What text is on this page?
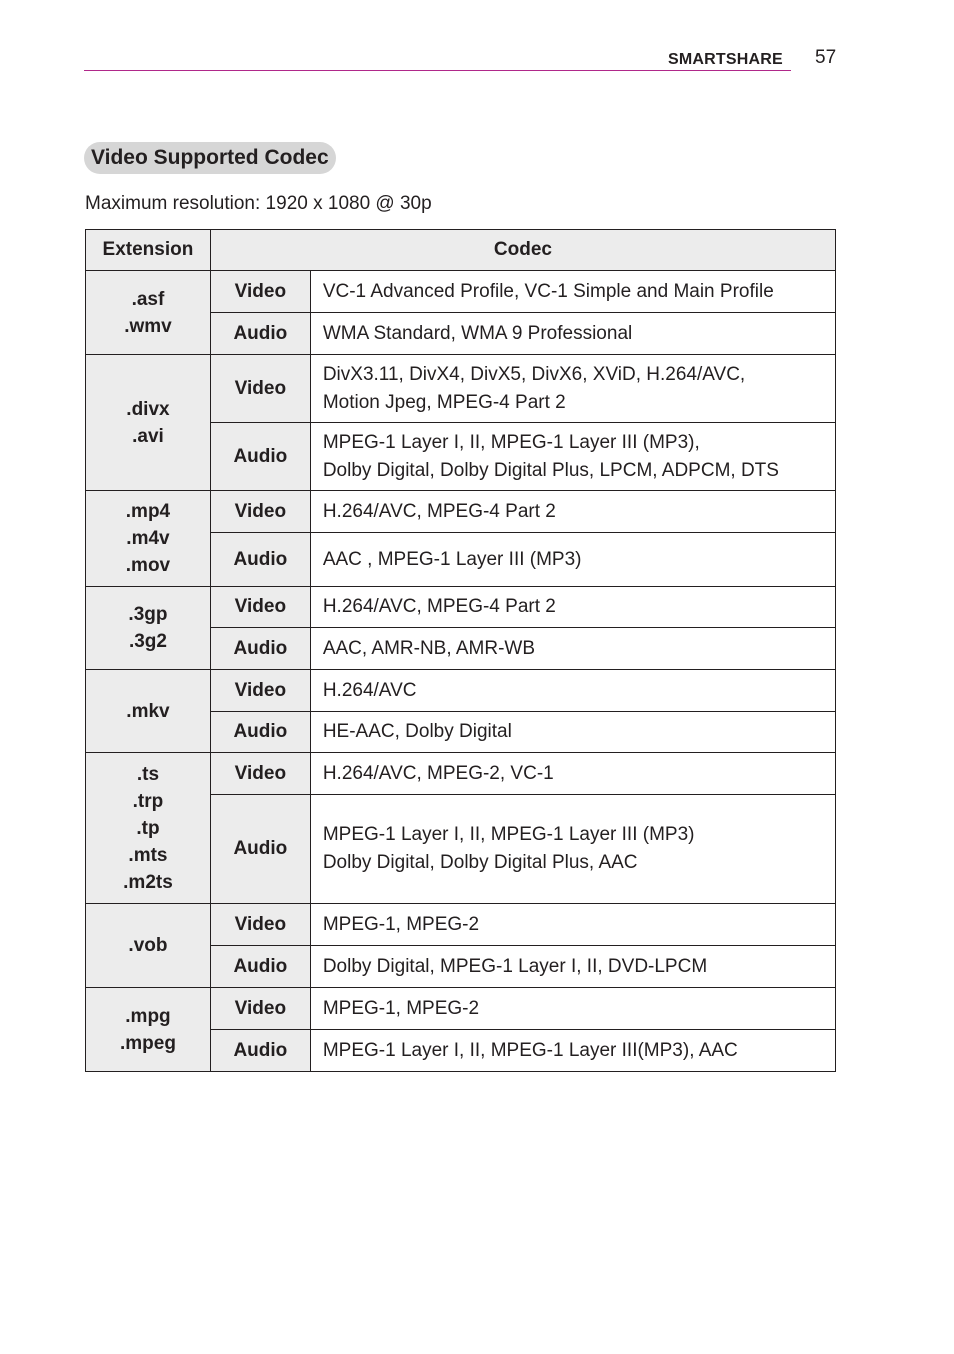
SMARTSHARE 57
Video Supported Codec
Maximum resolution: 1920 x 1080 @ 30p
Extension	Codec	

.asf
.wmv	Video	VC-1 Advanced Profile, VC-1 Simple and Main Profile

	Audio	WMA Standard, WMA 9 Professional

.divx
.avi	Video	DivX3.11, DivX4, DivX5, DivX6, XViD, H.264/AVC,
Motion Jpeg, MPEG-4 Part 2

	Audio	MPEG-1 Layer I, II, MPEG-1 Layer III (MP3),
Dolby Digital, Dolby Digital Plus, LPCM, ADPCM, DTS

.mp4
.m4v
.mov	Video	H.264/AVC, MPEG-4 Part 2

	Audio	AAC , MPEG-1 Layer III (MP3)

.3gp
.3g2	Video	H.264/AVC, MPEG-4 Part 2

	Audio	AAC, AMR-NB, AMR-WB

.mkv	Video	H.264/AVC

	Audio	HE-AAC, Dolby Digital

.ts
.trp
.tp
.mts
.m2ts	Video	H.264/AVC, MPEG-2, VC-1

	Audio	MPEG-1 Layer I, II, MPEG-1 Layer III (MP3)
Dolby Digital, Dolby Digital Plus, AAC

.vob	Video	MPEG-1, MPEG-2

	Audio	Dolby Digital, MPEG-1 Layer I, II, DVD-LPCM

.mpg
.mpeg	Video	MPEG-1, MPEG-2

	Audio	MPEG-1 Layer I, II, MPEG-1 Layer III(MP3), AAC
